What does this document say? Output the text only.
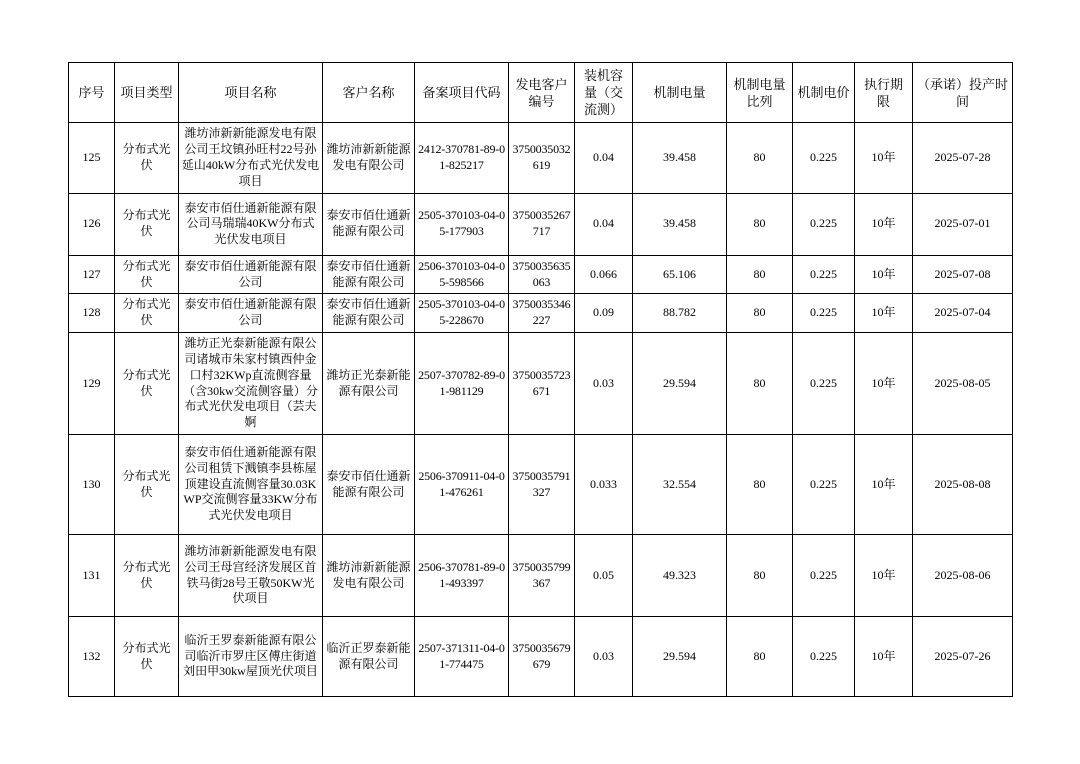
序号	项目类型	项目名称	客户名称	备案项目代码	发电客户编号	装机容量（交流测）	机制电量	机制电量比列	机制电价	执行期限	（承诺）投产时间
125	分布式光伏	潍坊沛新新能源发电有限公司王坟镇孙旺村22号孙延山40kW分布式光伏发电项目	潍坊沛新新能源发电有限公司	2412-370781-89-01-825217	3750035032619	0.04	39.458	80	0.225	10年	2025-07-28
126	分布式光伏	泰安市佰仕通新能源有限公司马瑞瑞40KW分布式光伏发电项目	泰安市佰仕通新能源有限公司	2505-370103-04-05-177903	3750035267717	0.04	39.458	80	0.225	10年	2025-07-01
127	分布式光伏	泰安市佰仕通新能源有限公司	泰安市佰仕通新能源有限公司	2506-370103-04-05-598566	3750035635063	0.066	65.106	80	0.225	10年	2025-07-08
128	分布式光伏	泰安市佰仕通新能源有限公司	泰安市佰仕通新能源有限公司	2505-370103-04-05-228670	3750035346227	0.09	88.782	80	0.225	10年	2025-07-04
129	分布式光伏	潍坊正光泰新能源有限公司诸城市朱家村镇西仲金口村32KWp直流侧容量（含30kw交流侧容量）分布式光伏发电项目（芸夫婀	潍坊正光泰新能源有限公司	2507-370782-89-01-981129	3750035723671	0.03	29.594	80	0.225	10年	2025-08-05
130	分布式光伏	泰安市佰仕通新能源有限公司租赁下溅镇李县栋屋顶建设直流侧容量30.03KWP交流侧容量33KW分布式光伏发电项目	泰安市佰仕通新能源有限公司	2506-370911-04-01-476261	3750035791327	0.033	32.554	80	0.225	10年	2025-08-08
131	分布式光伏	潍坊沛新新能源发电有限公司王母宫经济发展区首铁马街28号王敬50KW光伏项目	潍坊沛新新能源发电有限公司	2506-370781-89-01-493397	3750035799367	0.05	49.323	80	0.225	10年	2025-08-06
132	分布式光伏	临沂王罗泰新能源有限公司临沂市罗庄区傅庄街道刘田甲30kw屋顶光伏项目	临沂正罗泰新能源有限公司	2507-371311-04-01-774475	3750035679679	0.03	29.594	80	0.225	10年	2025-07-26
